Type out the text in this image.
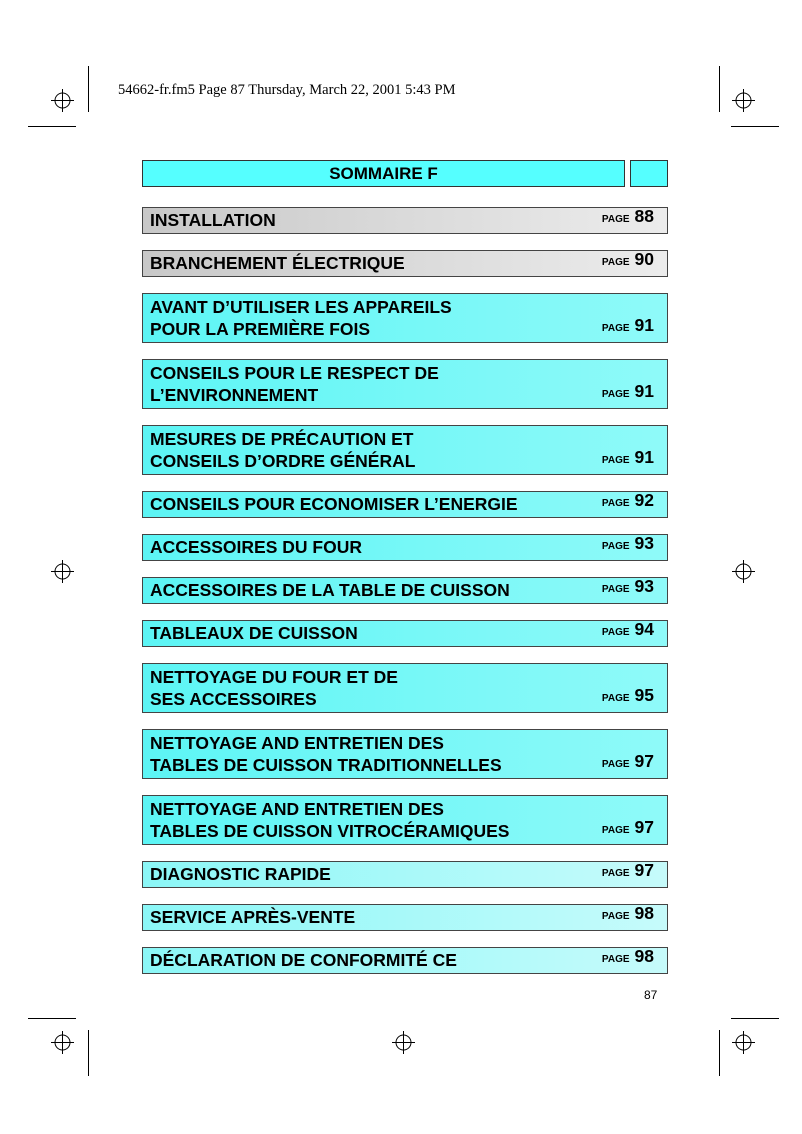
54662-fr.fm5 Page 87 Thursday, March 22, 2001 5:43 PM
SOMMAIRE F
INSTALLATION	PAGE 88
BRANCHEMENT ÉLECTRIQUE	PAGE 90
AVANT D’UTILISER LES APPAREILS
POUR LA PREMIÈRE FOIS	PAGE 91
CONSEILS POUR LE RESPECT DE
L’ENVIRONNEMENT	PAGE 91
MESURES DE PRÉCAUTION ET
CONSEILS D’ORDRE GÉNÉRAL	PAGE 91
CONSEILS POUR ECONOMISER L’ENERGIE	PAGE 92
ACCESSOIRES DU FOUR	PAGE 93
ACCESSOIRES DE LA TABLE DE CUISSON	PAGE 93
TABLEAUX DE CUISSON	PAGE 94
NETTOYAGE DU FOUR ET DE
SES ACCESSOIRES	PAGE 95
NETTOYAGE AND ENTRETIEN DES
TABLES DE CUISSON TRADITIONNELLES	PAGE 97
NETTOYAGE AND ENTRETIEN DES
TABLES DE CUISSON VITROCÉRAMIQUES	PAGE 97
DIAGNOSTIC RAPIDE	PAGE 97
SERVICE APRÈS-VENTE	PAGE 98
DÉCLARATION DE CONFORMITÉ CE	PAGE 98
87
